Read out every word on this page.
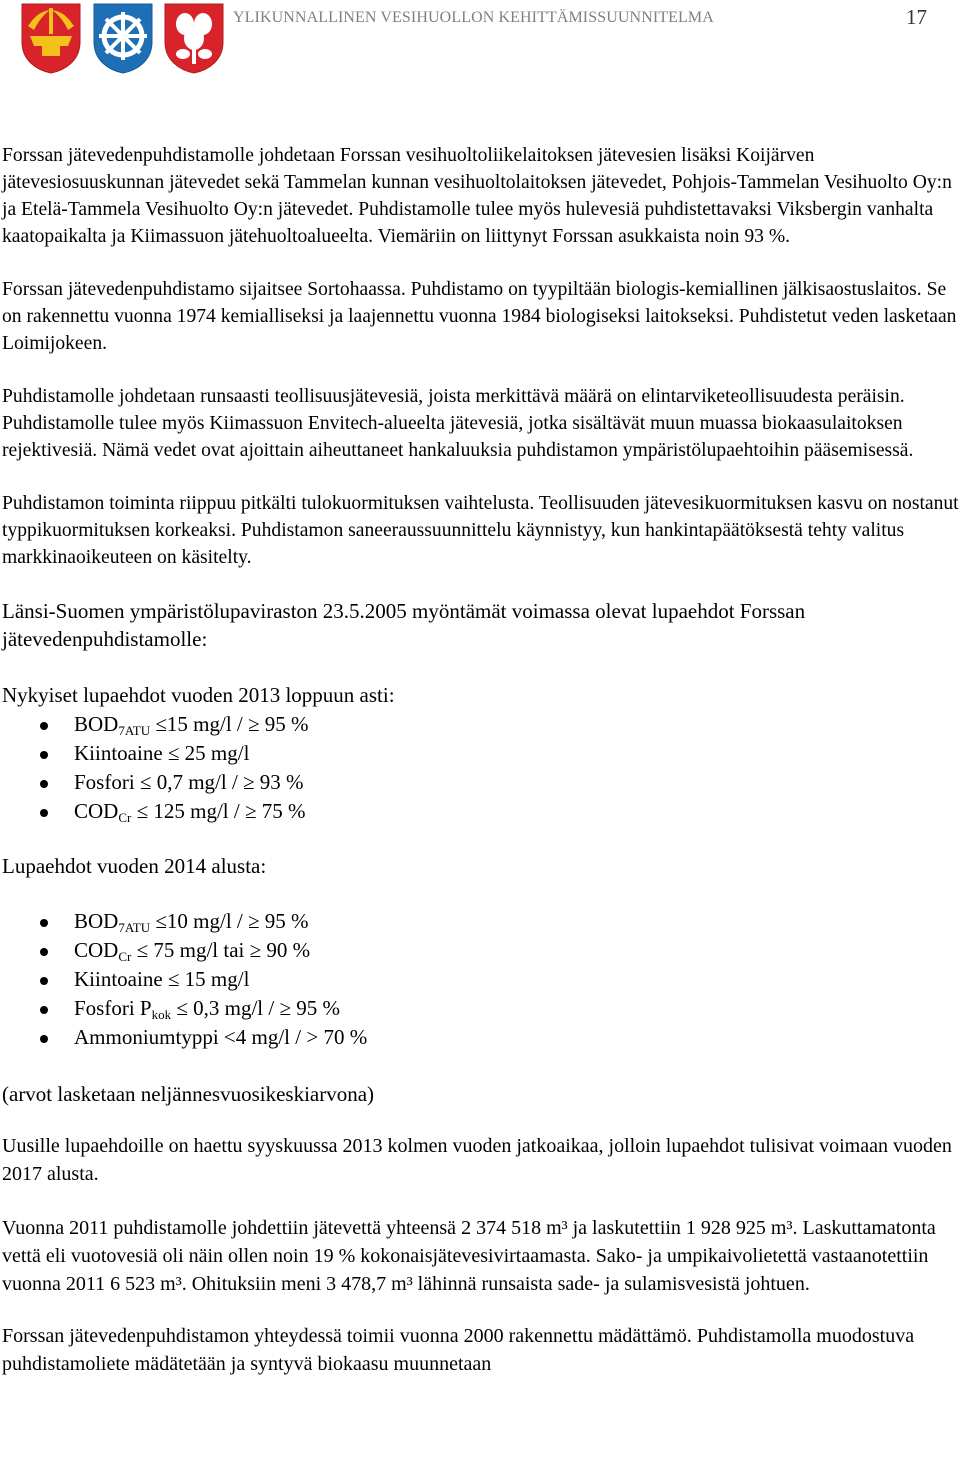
YLIKUNNALLINEN VESIHUOLLON KEHITTÄMISSUUNNITELMA	17

Forssan jätevedenpuhdistamolle johdetaan Forssan vesihuoltoliikelaitoksen jätevesien lisäksi Koijärven jätevesiosuuskunnan jätevedet sekä Tammelan kunnan vesihuoltolaitoksen jätevedet, Pohjois-Tammelan Vesihuolto Oy:n ja Etelä-Tammela Vesihuolto Oy:n jätevedet. Puhdistamolle tulee myös hulevesiä puhdistettavaksi Viksbergin vanhalta kaatopaikalta ja Kiimassuon jätehuoltoalueelta. Viemäriin on liittynyt Forssan asukkaista noin 93 %.

Forssan jätevedenpuhdistamo sijaitsee Sortohaassa. Puhdistamo on tyypiltään biologis-kemiallinen jälkisaostuslaitos. Se on rakennettu vuonna 1974 kemialliseksi ja laajennettu vuonna 1984 biologiseksi laitokseksi. Puhdistetut veden lasketaan Loimijokeen.

Puhdistamolle johdetaan runsaasti teollisuusjätevesiä, joista merkittävä määrä on elintarviketeollisuudesta peräisin. Puhdistamolle tulee myös Kiimassuon Envitech-alueelta jätevesiä, jotka sisältävät muun muassa biokaasulaitoksen rejektivesiä. Nämä vedet ovat ajoittain aiheuttaneet hankaluuksia puhdistamon ympäristölupaehtoihin pääsemisessä.

Puhdistamon toiminta riippuu pitkälti tulokuormituksen vaihtelusta. Teollisuuden jätevesikuormituksen kasvu on nostanut typpikuormituksen korkeaksi. Puhdistamon saneeraussuunnittelu käynnistyy, kun hankintapäätöksestä tehty valitus markkinaoikeuteen on käsitelty.

Länsi-Suomen ympäristölupaviraston 23.5.2005 myöntämät voimassa olevat lupaehdot Forssan jätevedenpuhdistamolle:

Nykyiset lupaehdot vuoden 2013 loppuun asti:

$BOD_{7ATU} \le 15$ mg/l / ≥ 95 %
Kiintoaine ≤ 25 mg/l
Fosfori ≤ 0,7 mg/l / ≥ 93 %
$COD_{Cr} \le 125$ mg/l / ≥ 75 %

Lupaehdot vuoden 2014 alusta:

$BOD_{7ATU} \le 10$ mg/l / ≥ 95 %
$COD_{Cr} \le 75$ mg/l tai ≥ 90 %
Kiintoaine ≤ 15 mg/l
Fosfori $P_{kok} \le 0,3$ mg/l / ≥ 95 %
Ammoniumtyppi <4 mg/l / > 70 %

(arvot lasketaan neljännesvuosikeskiarvona)

Uusille lupaehdoille on haettu syyskuussa 2013 kolmen vuoden jatkoaikaa, jolloin lupaehdot tulisivat voimaan vuoden 2017 alusta.

Vuonna 2011 puhdistamolle johdettiin jätevettä yhteensä 2 374 518 m³ ja laskutettiin 1 928 925 m³. Laskuttamatonta vettä eli vuotovesiä oli näin ollen noin 19 % kokonaisjätevesivirtaamasta. Sako- ja umpikaivolietettä vastaanotettiin vuonna 2011 6 523 m³. Ohituksiin meni 3 478,7 m³ lähinnä runsaista sade- ja sulamisvesistä johtuen.

Forssan jätevedenpuhdistamon yhteydessä toimii vuonna 2000 rakennettu mädättämö. Puhdistamolla muodostuva puhdistamoliete mädätetään ja syntyvä biokaasu muunnetaan
